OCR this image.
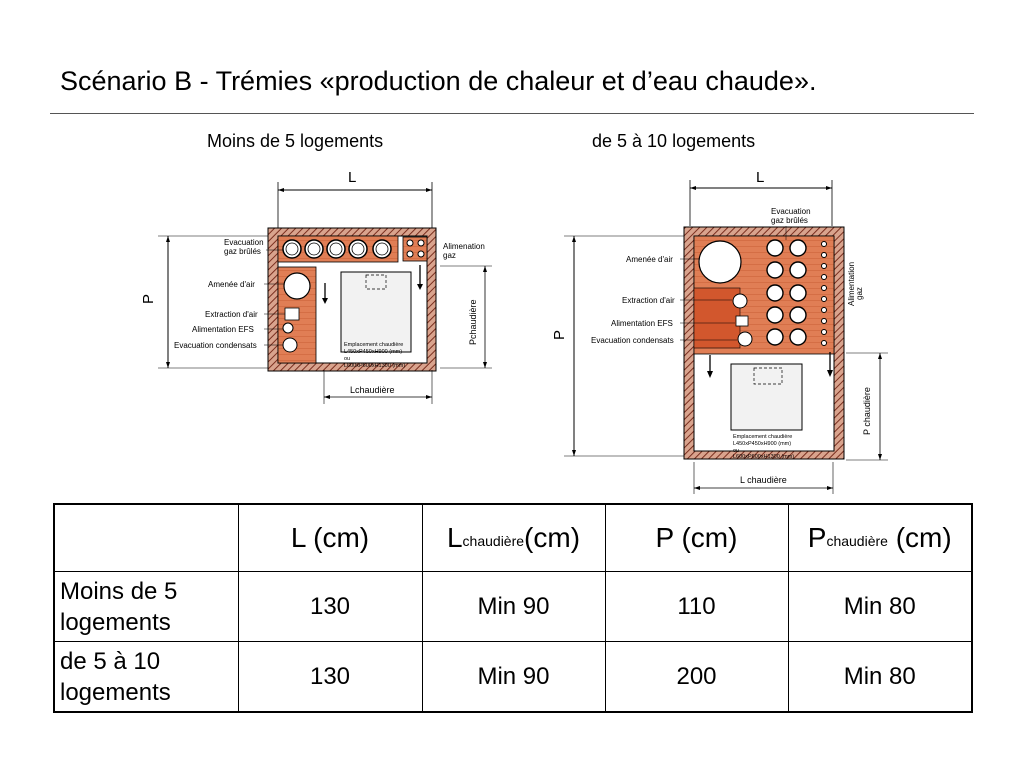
Scénario B - Trémies «production de chaleur et d’eau chaude».
Moins de 5 logements	de 5 à 10 logements
L
P
Lchaudière
Pchaudière
Evacuation
gaz brûlés
Amenée d'air
Extraction d'air
Alimentation EFS
Evacuation condensats
Alimenation
gaz
Emplacement chaudière
L450xP450xH900 (mm)
ou
L600xP600xH1300 (mm)
L
P
L chaudière
P chaudière
Evacuation
gaz brûlés
Amenée d'air
Extraction d'air
Alimentation EFS
Evacuation condensats
Alimentation gaz
Emplacement chaudière
L450xP450xH900 (mm)
ou
L600xP600xH1300 (mm)
	L (cm)	$L_{chaudière}(cm)$	P (cm)	$P_{chaudière}$ (cm)
Moins de 5
logements	130	Min 90	110	Min 80
de 5 à 10
logements	130	Min 90	200	Min 80
